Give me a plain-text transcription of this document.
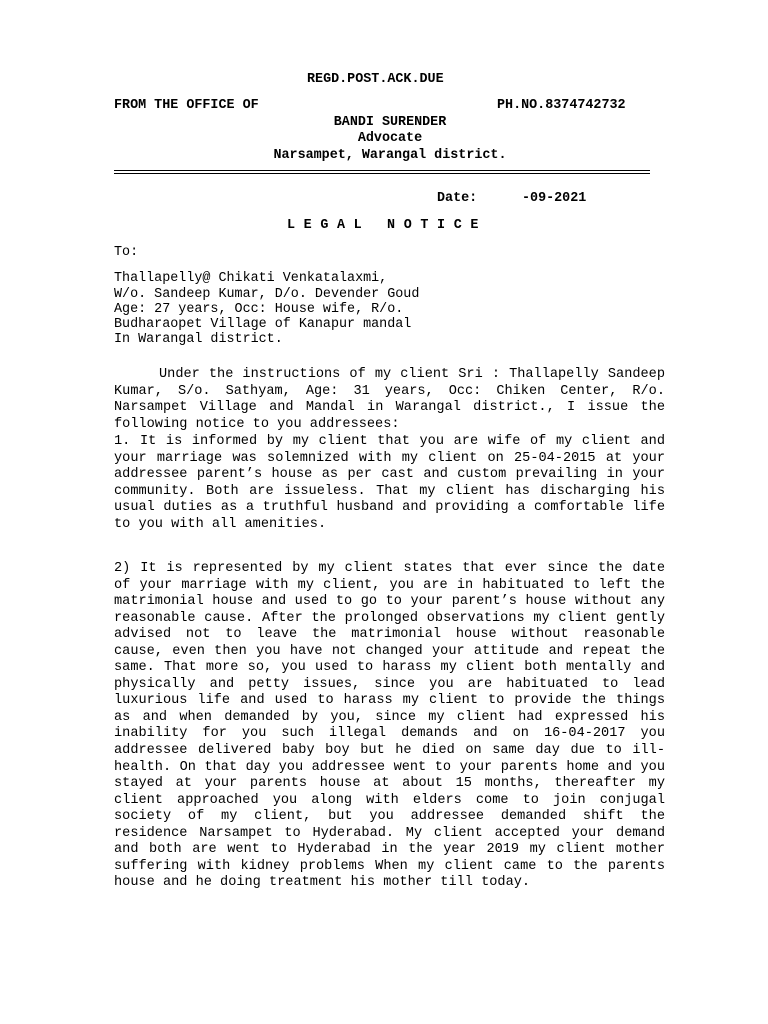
REGD.POST.ACK.DUE
FROM THE OFFICE OF	PH.NO.8374742732
BANDI SURENDER
Advocate
Narsampet, Warangal district.
Date:	-09-2021
L E G A L   N O T I C E
To:
Thallapelly@ Chikati Venkatalaxmi,
W/o. Sandeep Kumar, D/o. Devender Goud
Age: 27 years, Occ: House wife, R/o.
Budharaopet Village of Kanapur mandal
In Warangal district.
Under the instructions of my client Sri : Thallapelly Sandeep Kumar, S/o. Sathyam, Age: 31 years, Occ: Chiken Center, R/o. Narsampet Village and Mandal in Warangal district., I issue the following notice to you addressees:
1. It is informed by my client that you are wife of my client and your marriage was solemnized with my client on 25-04-2015 at your addressee parent’s house as per cast and custom prevailing in your community. Both are issueless. That my client has discharging his usual duties as a truthful husband and providing a comfortable life to you with all amenities.
2) It is represented by my client states that ever since the date of your marriage with my client, you are in habituated to left the matrimonial house and used to go to your parent’s house without any reasonable cause. After the prolonged observations my client gently advised not to leave the matrimonial house without reasonable cause, even then you have not changed your attitude and repeat the same. That more so, you used to harass my client both mentally and physically and petty issues, since you are habituated to lead luxurious life and used to harass my client to provide the things as and when demanded by you, since my client had expressed his inability for you such illegal demands and on 16-04-2017 you addressee delivered baby boy but he died on same day due to ill- health. On that day you addressee went to your parents home and you stayed at your parents house at about 15 months, thereafter my client approached you along with elders come to join conjugal society of my client, but you addressee demanded shift the residence Narsampet to Hyderabad. My client accepted your demand and both are went to Hyderabad in the year 2019 my client mother suffering with kidney problems When my client came to the parents house and he doing treatment his mother till today.
